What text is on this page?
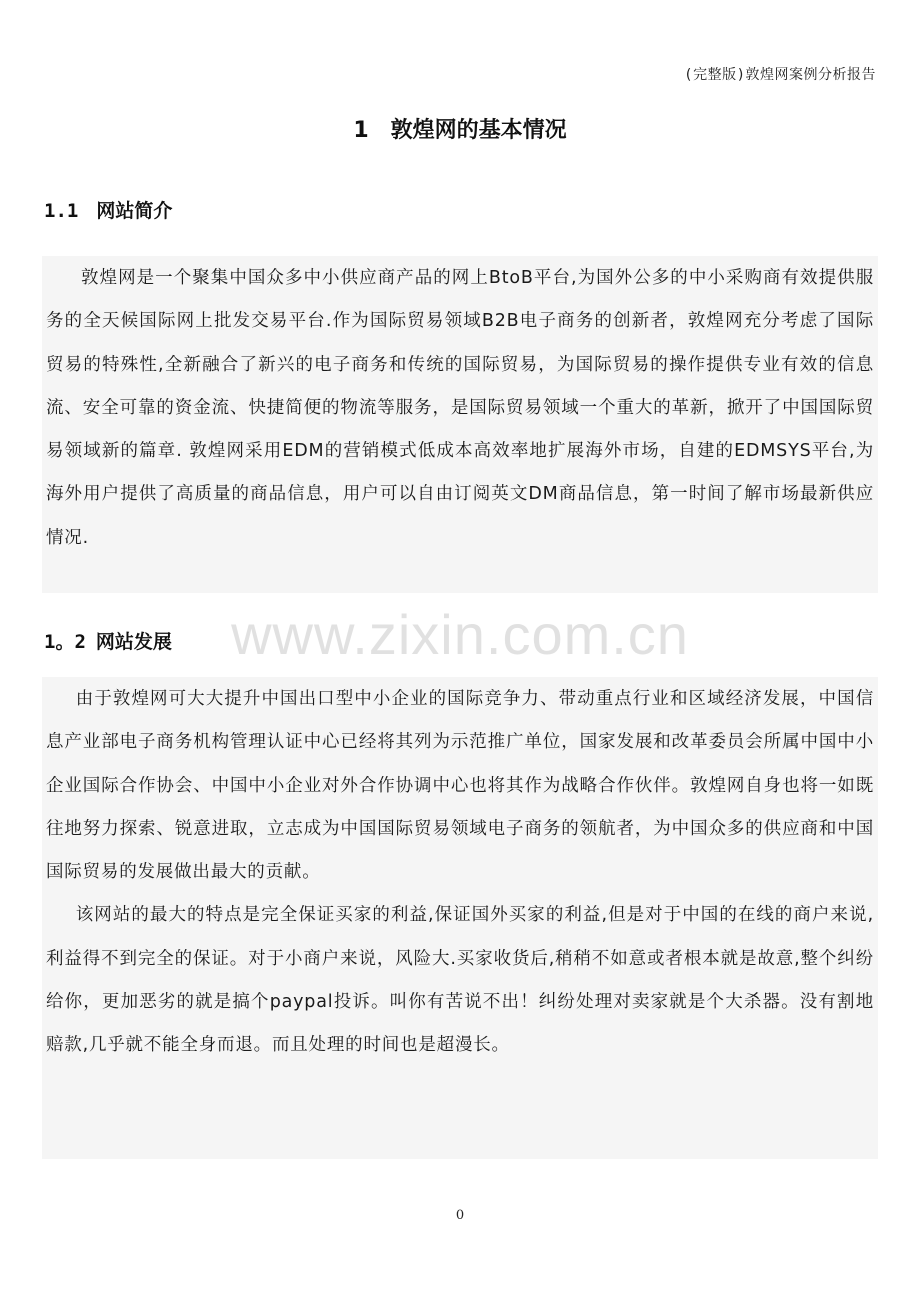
(完整版)敦煌网案例分析报告
1 敦煌网的基本情况
1.1 网站简介

敦煌网是一个聚集中国众多中小供应商产品的网上BtoB平台,为国外公多的中小采购商有效提供服务的全天候国际网上批发交易平台.作为国际贸易领域B2B电子商务的创新者，敦煌网充分考虑了国际贸易的特殊性,全新融合了新兴的电子商务和传统的国际贸易，为国际贸易的操作提供专业有效的信息流、安全可靠的资金流、快捷简便的物流等服务，是国际贸易领域一个重大的革新，掀开了中国国际贸易领域新的篇章. 敦煌网采用EDM的营销模式低成本高效率地扩展海外市场，自建的EDMSYS平台,为海外用户提供了高质量的商品信息，用户可以自由订阅英文DM商品信息，第一时间了解市场最新供应情况.

www.zixin.com.cn
1。2 网站发展

由于敦煌网可大大提升中国出口型中小企业的国际竞争力、带动重点行业和区域经济发展，中国信息产业部电子商务机构管理认证中心已经将其列为示范推广单位，国家发展和改革委员会所属中国中小企业国际合作协会、中国中小企业对外合作协调中心也将其作为战略合作伙伴。敦煌网自身也将一如既往地努力探索、锐意进取，立志成为中国国际贸易领域电子商务的领航者，为中国众多的供应商和中国国际贸易的发展做出最大的贡献。

该网站的最大的特点是完全保证买家的利益,保证国外买家的利益,但是对于中国的在线的商户来说,利益得不到完全的保证。对于小商户来说，风险大.买家收货后,稍稍不如意或者根本就是故意,整个纠纷给你，更加恶劣的就是搞个paypal投诉。叫你有苦说不出！纠纷处理对卖家就是个大杀器。没有割地赔款,几乎就不能全身而退。而且处理的时间也是超漫长。

0
